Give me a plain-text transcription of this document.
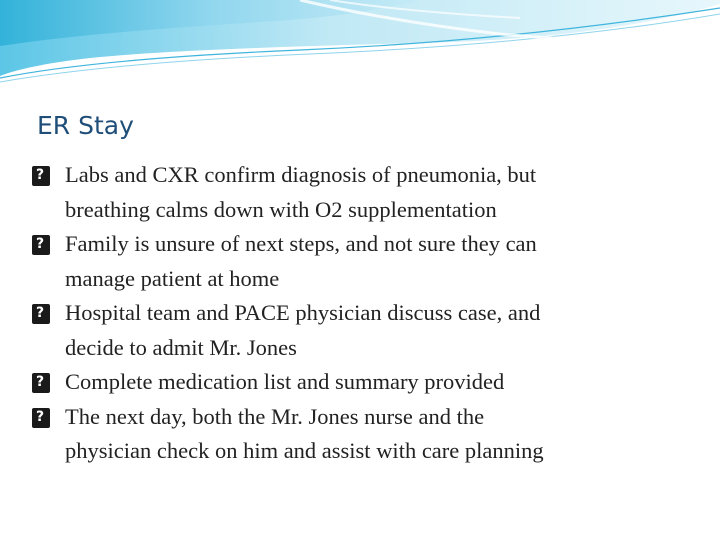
ER Stay
?
Labs and CXR confirm diagnosis of pneumonia, but
breathing calms down with O2 supplementation
?
Family is unsure of next steps, and not sure they can
manage patient at home
?
Hospital team and PACE physician discuss case, and
decide to admit Mr. Jones
?
Complete medication list and summary provided
?
The next day, both the Mr. Jones nurse and the
physician check on him and assist with care planning
